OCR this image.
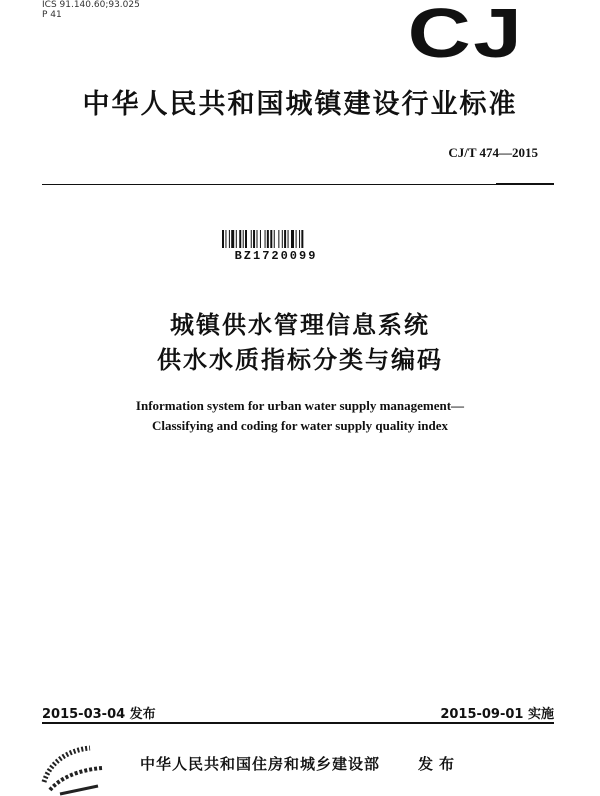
ICS 91.140.60;93.025
P 41	CJ
中华人民共和国城镇建设行业标准
CJ/T 474—2015
BZ1720099
城镇供水管理信息系统
供水水质指标分类与编码
Information system for urban water supply management—
Classifying and coding for water supply quality index
2015-03-04 发布	2015-09-01 实施
中华人民共和国住房和城乡建设部	发布
